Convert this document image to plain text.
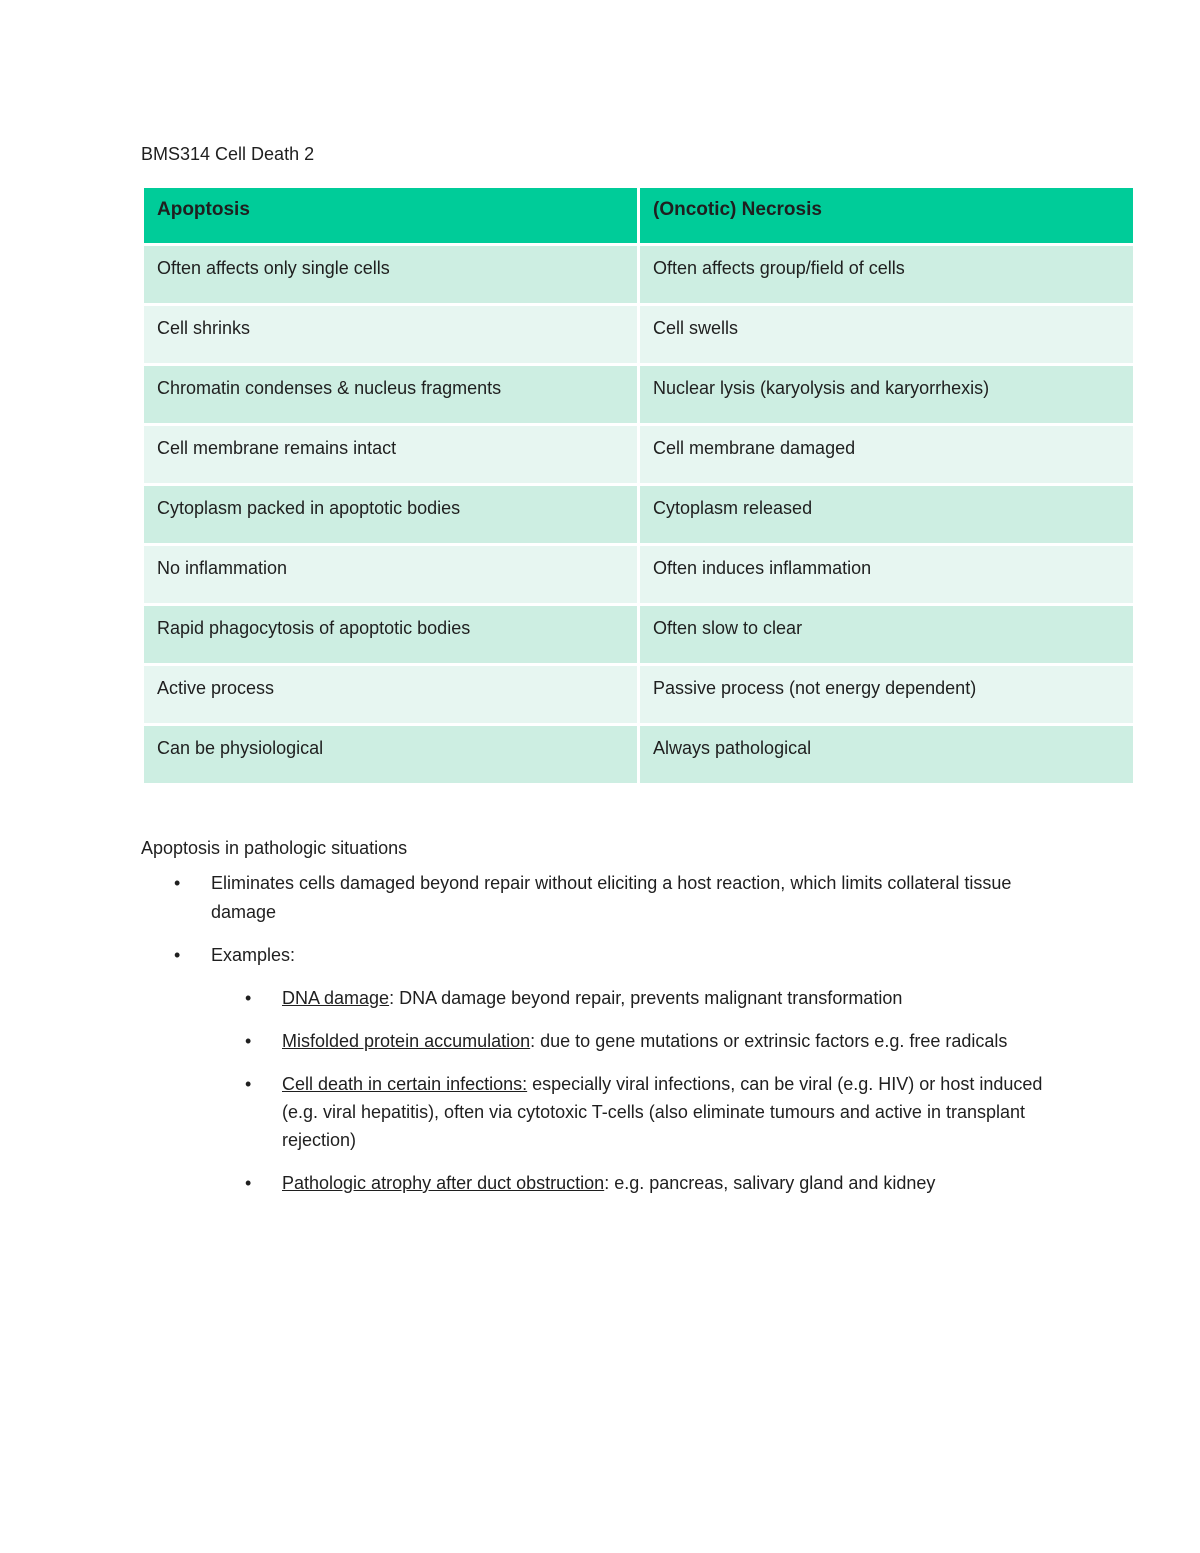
BMS314 Cell Death 2
Apoptosis	(Oncotic) Necrosis
Often affects only single cells	Often affects group/field of cells
Cell shrinks	Cell swells
Chromatin condenses & nucleus fragments	Nuclear lysis (karyolysis and karyorrhexis)
Cell membrane remains intact	Cell membrane damaged
Cytoplasm packed in apoptotic bodies	Cytoplasm released
No inflammation	Often induces inflammation
Rapid phagocytosis of apoptotic bodies	Often slow to clear
Active process	Passive process (not energy dependent)
Can be physiological	Always pathological
Apoptosis in pathologic situations
• Eliminates cells damaged beyond repair without eliciting a host reaction, which limits collateral tissue damage
• Examples:
• DNA damage: DNA damage beyond repair, prevents malignant transformation
• Misfolded protein accumulation: due to gene mutations or extrinsic factors e.g. free radicals
• Cell death in certain infections: especially viral infections, can be viral (e.g. HIV) or host induced (e.g. viral hepatitis), often via cytotoxic T-cells (also eliminate tumours and active in transplant rejection)
• Pathologic atrophy after duct obstruction: e.g. pancreas, salivary gland and kidney
